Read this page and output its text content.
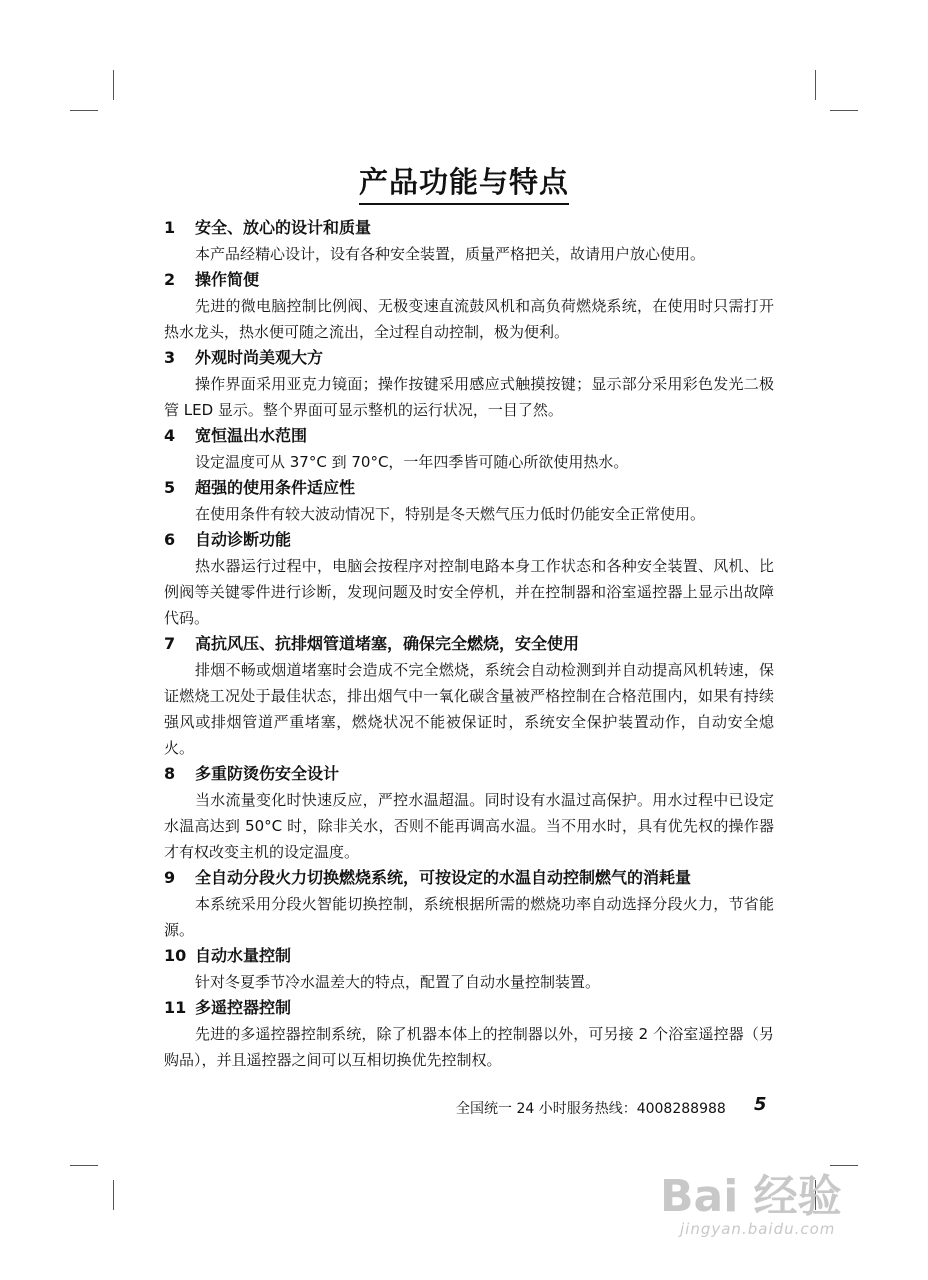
产品功能与特点
1 安全、放心的设计和质量
本产品经精心设计，设有各种安全装置，质量严格把关，故请用户放心使用。
2 操作简便
先进的微电脑控制比例阀、无极变速直流鼓风机和高负荷燃烧系统，在使用时只需打开热水龙头，热水便可随之流出，全过程自动控制，极为便利。
3 外观时尚美观大方
操作界面采用亚克力镜面；操作按键采用感应式触摸按键；显示部分采用彩色发光二极管 LED 显示。整个界面可显示整机的运行状况，一目了然。
4 宽恒温出水范围
设定温度可从 37°C 到 70°C，一年四季皆可随心所欲使用热水。
5 超强的使用条件适应性
在使用条件有较大波动情况下，特别是冬天燃气压力低时仍能安全正常使用。
6 自动诊断功能
热水器运行过程中，电脑会按程序对控制电路本身工作状态和各种安全装置、风机、比例阀等关键零件进行诊断，发现问题及时安全停机，并在控制器和浴室遥控器上显示出故障代码。
7 高抗风压、抗排烟管道堵塞，确保完全燃烧，安全使用
排烟不畅或烟道堵塞时会造成不完全燃烧，系统会自动检测到并自动提高风机转速，保证燃烧工况处于最佳状态，排出烟气中一氧化碳含量被严格控制在合格范围内，如果有持续强风或排烟管道严重堵塞，燃烧状况不能被保证时，系统安全保护装置动作，自动安全熄火。
8 多重防烫伤安全设计
当水流量变化时快速反应，严控水温超温。同时设有水温过高保护。用水过程中已设定水温高达到 50°C 时，除非关水，否则不能再调高水温。当不用水时，具有优先权的操作器才有权改变主机的设定温度。
9 全自动分段火力切换燃烧系统，可按设定的水温自动控制燃气的消耗量
本系统采用分段火智能切换控制，系统根据所需的燃烧功率自动选择分段火力，节省能源。
10 自动水量控制
针对冬夏季节冷水温差大的特点，配置了自动水量控制装置。
11 多遥控器控制
先进的多遥控器控制系统，除了机器本体上的控制器以外，可另接 2 个浴室遥控器（另购品），并且遥控器之间可以互相切换优先控制权。
全国统一 24 小时服务热线：4008288988 5
Bai 经验
jingyan.baidu.com
